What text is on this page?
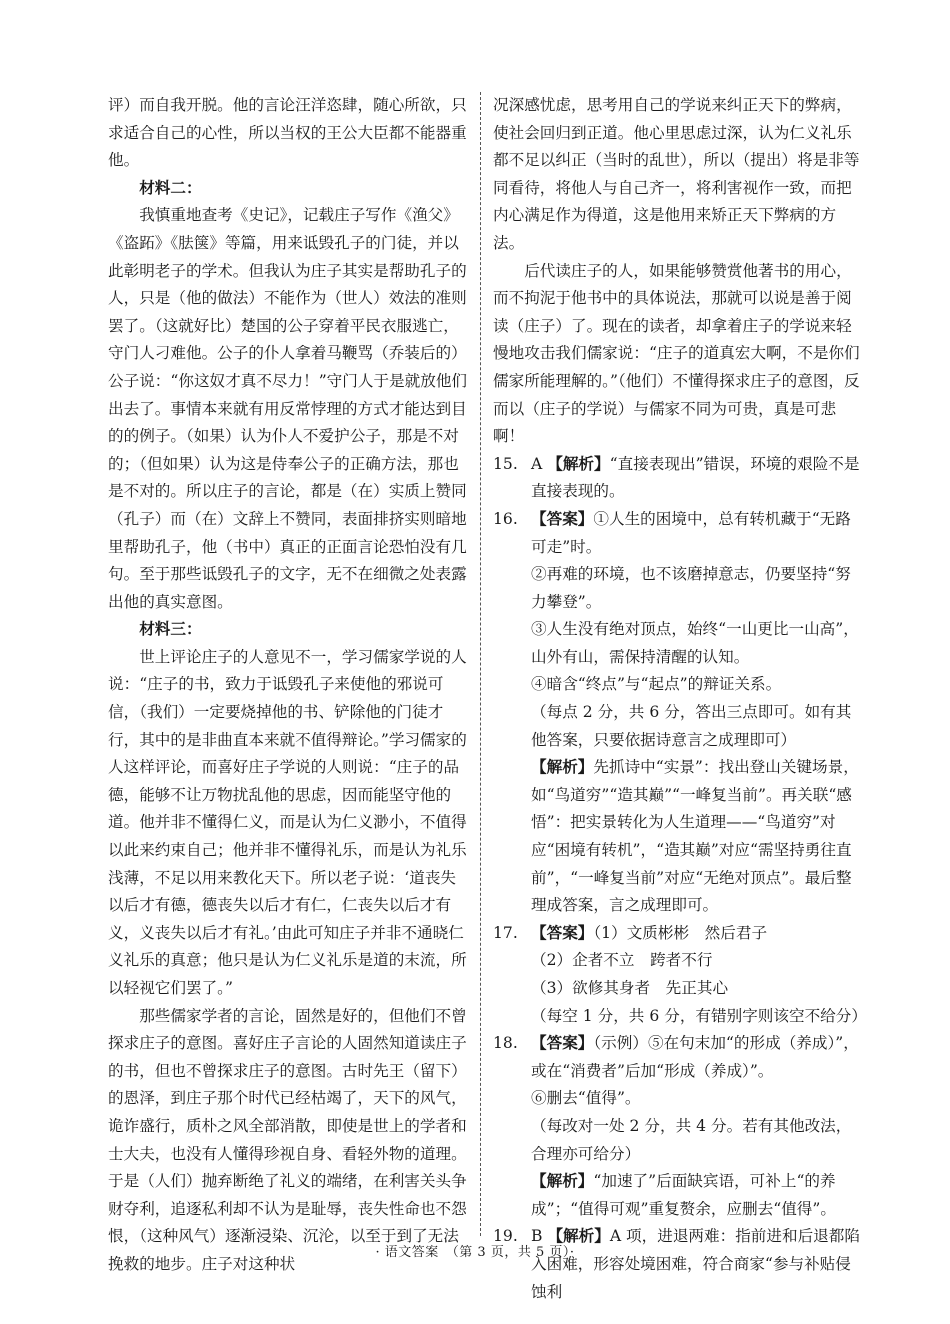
评）而自我开脱。他的言论汪洋恣肆，随心所欲，只求适合自己的心性，所以当权的王公大臣都不能器重他。

材料二：

我慎重地查考《史记》，记载庄子写作《渔父》《盗跖》《胠箧》等篇，用来诋毁孔子的门徒，并以此彰明老子的学术。但我认为庄子其实是帮助孔子的人，只是（他的做法）不能作为（世人）效法的准则罢了。（这就好比）楚国的公子穿着平民衣服逃亡，守门人刁难他。公子的仆人拿着马鞭骂（乔装后的）公子说：“你这奴才真不尽力！”守门人于是就放他们出去了。事情本来就有用反常悖理的方式才能达到目的的例子。（如果）认为仆人不爱护公子，那是不对的；（但如果）认为这是侍奉公子的正确方法，那也是不对的。所以庄子的言论，都是（在）实质上赞同（孔子）而（在）文辞上不赞同，表面排挤实则暗地里帮助孔子，他（书中）真正的正面言论恐怕没有几句。至于那些诋毁孔子的文字，无不在细微之处表露出他的真实意图。

材料三：

世上评论庄子的人意见不一，学习儒家学说的人说：“庄子的书，致力于诋毁孔子来使他的邪说可信，（我们）一定要烧掉他的书、铲除他的门徒才行，其中的是非曲直本来就不值得辩论。”学习儒家的人这样评论，而喜好庄子学说的人则说：“庄子的品德，能够不让万物扰乱他的思虑，因而能坚守他的道。他并非不懂得仁义，而是认为仁义渺小，不值得以此来约束自己；他并非不懂得礼乐，而是认为礼乐浅薄，不足以用来教化天下。所以老子说：‘道丧失以后才有德，德丧失以后才有仁，仁丧失以后才有义，义丧失以后才有礼。’由此可知庄子并非不通晓仁义礼乐的真意；他只是认为仁义礼乐是道的末流，所以轻视它们罢了。”

那些儒家学者的言论，固然是好的，但他们不曾探求庄子的意图。喜好庄子言论的人固然知道读庄子的书，但也不曾探求庄子的意图。古时先王（留下）的恩泽，到庄子那个时代已经枯竭了，天下的风气，诡诈盛行，质朴之风全部消散，即使是世上的学者和士大夫，也没有人懂得珍视自身、看轻外物的道理。于是（人们）抛弃断绝了礼义的端绪，在利害关头争财夺利，追逐私利却不认为是耻辱，丧失性命也不怨恨，（这种风气）逐渐浸染、沉沦，以至于到了无法挽救的地步。庄子对这种状

况深感忧虑，思考用自己的学说来纠正天下的弊病，使社会回归到正道。他心里思虑过深，认为仁义礼乐都不足以纠正（当时的乱世），所以（提出）将是非等同看待，将他人与自己齐一，将利害视作一致，而把内心满足作为得道，这是他用来矫正天下弊病的方法。

后代读庄子的人，如果能够赞赏他著书的用心，而不拘泥于他书中的具体说法，那就可以说是善于阅读（庄子）了。现在的读者，却拿着庄子的学说来轻慢地攻击我们儒家说：“庄子的道真宏大啊，不是你们儒家所能理解的。”（他们）不懂得探求庄子的意图，反而以（庄子的学说）与儒家不同为可贵，真是可悲啊！

15. A 【解析】“直接表现出”错误，环境的艰险不是直接表现的。
16. 【答案】①人生的困境中，总有转机藏于“无路可走”时。

②再难的环境，也不该磨掉意志，仍要坚持“努力攀登”。

③人生没有绝对顶点，始终“一山更比一山高”，山外有山，需保持清醒的认知。

④暗含“终点”与“起点”的辩证关系。

（每点 2 分，共 6 分，答出三点即可。如有其他答案，只要依据诗意言之成理即可）

【解析】先抓诗中“实景”：找出登山关键场景，如“鸟道穷”“造其巅”“一峰复当前”。再关联“感悟”：把实景转化为人生道理——“鸟道穷”对应“困境有转机”，“造其巅”对应“需坚持勇往直前”，“一峰复当前”对应“无绝对顶点”。最后整理成答案，言之成理即可。

17. 【答案】（1）文质彬彬　然后君子

（2）企者不立　跨者不行

（3）欲修其身者　先正其心

（每空 1 分，共 6 分，有错别字则该空不给分）

18. 【答案】（示例）⑤在句末加“的形成（养成）”，或在“消费者”后加“形成（养成）”。

⑥删去“值得”。

（每改对一处 2 分，共 4 分。若有其他改法，合理亦可给分）

【解析】“加速了”后面缺宾语，可补上“的养成”；“值得可观”重复赘余，应删去“值得”。

19. B 【解析】A 项，进退两难：指前进和后退都陷入困难，形容处境困难，符合商家“参与补贴侵蚀利
· 语文答案　（第 3 页，共 5 页）·
